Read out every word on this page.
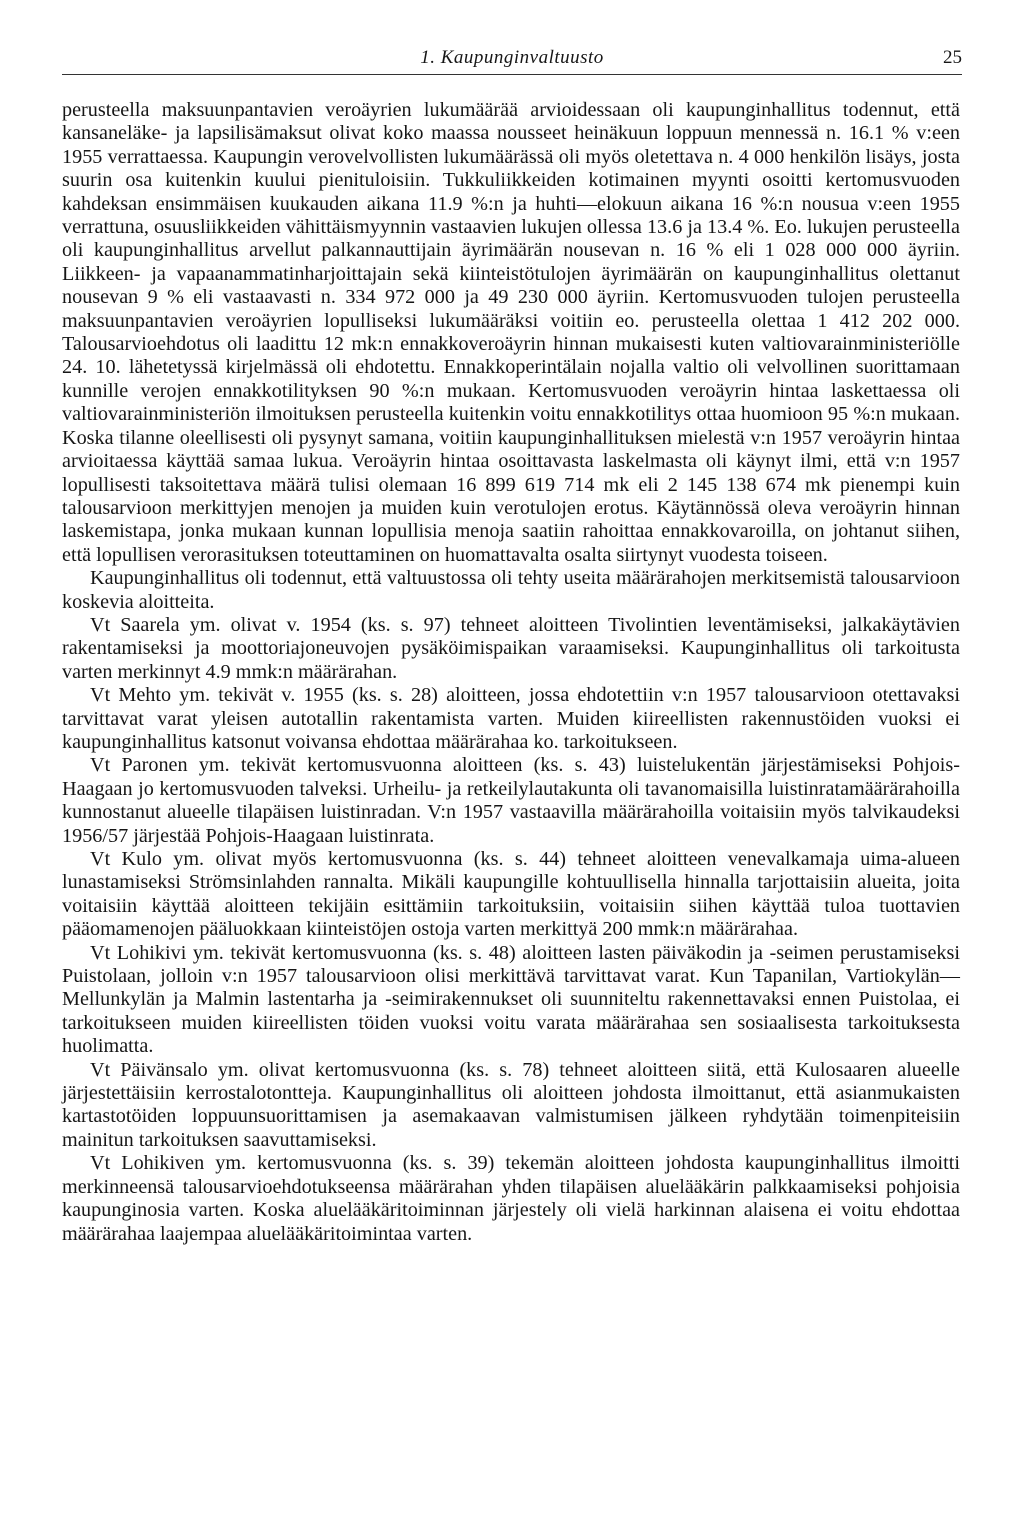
1. Kaupunginvaltuusto	25

perusteella maksuunpantavien veroäyrien lukumäärää arvioidessaan oli kaupunginhallitus todennut, että kansaneläke- ja lapsilisämaksut olivat koko maassa nousseet heinäkuun loppuun mennessä n. 16.1 % v:een 1955 verrattaessa. Kaupungin verovelvollisten lukumäärässä oli myös oletettava n. 4 000 henkilön lisäys, josta suurin osa kuitenkin kuului pienituloisiin. Tukkuliikkeiden kotimainen myynti osoitti kertomusvuoden kahdeksan ensimmäisen kuukauden aikana 11.9 %:n ja huhti—elokuun aikana 16 %:n nousua v:een 1955 verrattuna, osuusliikkeiden vähittäismyynnin vastaavien lukujen ollessa 13.6 ja 13.4 %. Eo. lukujen perusteella oli kaupunginhallitus arvellut palkannauttijain äyrimäärän nousevan n. 16 % eli 1 028 000 000 äyriin. Liikkeen- ja vapaanammatinharjoittajain sekä kiinteistötulojen äyrimäärän on kaupunginhallitus olettanut nousevan 9 % eli vastaavasti n. 334 972 000 ja 49 230 000 äyriin. Kertomusvuoden tulojen perusteella maksuunpantavien veroäyrien lopulliseksi lukumääräksi voitiin eo. perusteella olettaa 1 412 202 000. Talousarvioehdotus oli laadittu 12 mk:n ennakkoveroäyrin hinnan mukaisesti kuten valtiovarainministeriölle 24. 10. lähetetyssä kirjelmässä oli ehdotettu. Ennakkoperintälain nojalla valtio oli velvollinen suorittamaan kunnille verojen ennakkotilityksen 90 %:n mukaan. Kertomusvuoden veroäyrin hintaa laskettaessa oli valtiovarainministeriön ilmoituksen perusteella kuitenkin voitu ennakkotilitys ottaa huomioon 95 %:n mukaan. Koska tilanne oleellisesti oli pysynyt samana, voitiin kaupunginhallituksen mielestä v:n 1957 veroäyrin hintaa arvioitaessa käyttää samaa lukua. Veroäyrin hintaa osoittavasta laskelmasta oli käynyt ilmi, että v:n 1957 lopullisesti taksoitettava määrä tulisi olemaan 16 899 619 714 mk eli 2 145 138 674 mk pienempi kuin talousarvioon merkittyjen menojen ja muiden kuin verotulojen erotus. Käytännössä oleva veroäyrin hinnan laskemistapa, jonka mukaan kunnan lopullisia menoja saatiin rahoittaa ennakkovaroilla, on johtanut siihen, että lopullisen verorasituksen toteuttaminen on huomattavalta osalta siirtynyt vuodesta toiseen.

Kaupunginhallitus oli todennut, että valtuustossa oli tehty useita määrärahojen merkitsemistä talousarvioon koskevia aloitteita.

Vt Saarela ym. olivat v. 1954 (ks. s. 97) tehneet aloitteen Tivolintien leventämiseksi, jalkakäytävien rakentamiseksi ja moottoriajoneuvojen pysäköimispaikan varaamiseksi. Kaupunginhallitus oli tarkoitusta varten merkinnyt 4.9 mmk:n määrärahan.

Vt Mehto ym. tekivät v. 1955 (ks. s. 28) aloitteen, jossa ehdotettiin v:n 1957 talousarvioon otettavaksi tarvittavat varat yleisen autotallin rakentamista varten. Muiden kiireellisten rakennustöiden vuoksi ei kaupunginhallitus katsonut voivansa ehdottaa määrärahaa ko. tarkoitukseen.

Vt Paronen ym. tekivät kertomusvuonna aloitteen (ks. s. 43) luistelukentän järjestämiseksi Pohjois-Haagaan jo kertomusvuoden talveksi. Urheilu- ja retkeilylautakunta oli tavanomaisilla luistinratamäärärahoilla kunnostanut alueelle tilapäisen luistinradan. V:n 1957 vastaavilla määrärahoilla voitaisiin myös talvikaudeksi 1956/57 järjestää Pohjois-Haagaan luistinrata.

Vt Kulo ym. olivat myös kertomusvuonna (ks. s. 44) tehneet aloitteen venevalkamaja uima-alueen lunastamiseksi Strömsinlahden rannalta. Mikäli kaupungille kohtuullisella hinnalla tarjottaisiin alueita, joita voitaisiin käyttää aloitteen tekijäin esittämiin tarkoituksiin, voitaisiin siihen käyttää tuloa tuottavien pääomamenojen pääluokkaan kiinteistöjen ostoja varten merkittyä 200 mmk:n määrärahaa.

Vt Lohikivi ym. tekivät kertomusvuonna (ks. s. 48) aloitteen lasten päiväkodin ja -seimen perustamiseksi Puistolaan, jolloin v:n 1957 talousarvioon olisi merkittävä tarvittavat varat. Kun Tapanilan, Vartiokylän—Mellunkylän ja Malmin lastentarha ja -seimirakennukset oli suunniteltu rakennettavaksi ennen Puistolaa, ei tarkoitukseen muiden kiireellisten töiden vuoksi voitu varata määrärahaa sen sosiaalisesta tarkoituksesta huolimatta.

Vt Päivänsalo ym. olivat kertomusvuonna (ks. s. 78) tehneet aloitteen siitä, että Kulosaaren alueelle järjestettäisiin kerrostalotontteja. Kaupunginhallitus oli aloitteen johdosta ilmoittanut, että asianmukaisten kartastotöiden loppuunsuorittamisen ja asemakaavan valmistumisen jälkeen ryhdytään toimenpiteisiin mainitun tarkoituksen saavuttamiseksi.

Vt Lohikiven ym. kertomusvuonna (ks. s. 39) tekemän aloitteen johdosta kaupunginhallitus ilmoitti merkinneensä talousarvioehdotukseensa määrärahan yhden tilapäisen aluelääkärin palkkaamiseksi pohjoisia kaupunginosia varten. Koska aluelääkäritoiminnan järjestely oli vielä harkinnan alaisena ei voitu ehdottaa määrärahaa laajempaa aluelääkäritoimintaa varten.
